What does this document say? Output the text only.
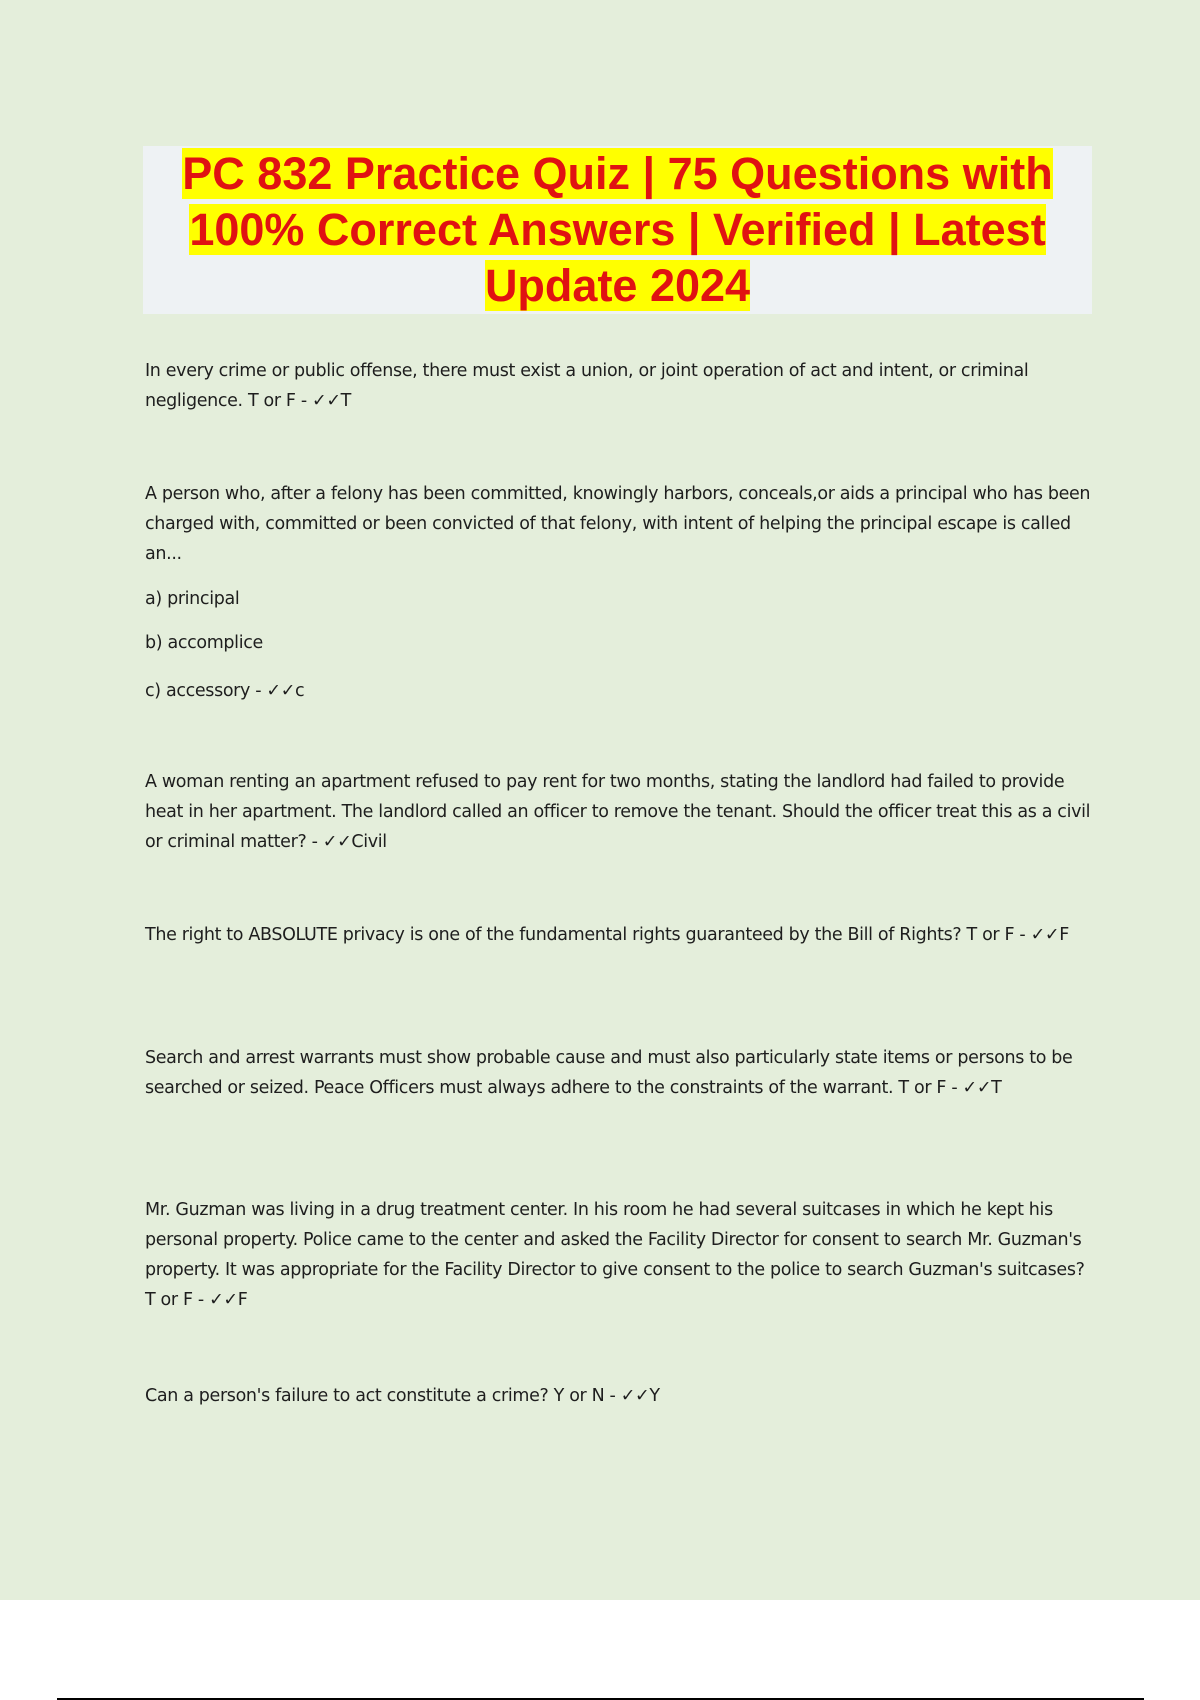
PC 832 Practice Quiz | 75 Questions with 100% Correct Answers | Verified | Latest Update 2024

In every crime or public offense, there must exist a union, or joint operation of act and intent, or criminal negligence. T or F - ✓✓T

A person who, after a felony has been committed, knowingly harbors, conceals,or aids a principal who has been charged with, committed or been convicted of that felony, with intent of helping the principal escape is called an...

a) principal

b) accomplice

c) accessory - ✓✓c

A woman renting an apartment refused to pay rent for two months, stating the landlord had failed to provide heat in her apartment. The landlord called an officer to remove the tenant. Should the officer treat this as a civil or criminal matter? - ✓✓Civil

The right to ABSOLUTE privacy is one of the fundamental rights guaranteed by the Bill of Rights? T or F - ✓✓F

Search and arrest warrants must show probable cause and must also particularly state items or persons to be searched or seized. Peace Officers must always adhere to the constraints of the warrant. T or F - ✓✓T

Mr. Guzman was living in a drug treatment center. In his room he had several suitcases in which he kept his personal property. Police came to the center and asked the Facility Director for consent to search Mr. Guzman's property. It was appropriate for the Facility Director to give consent to the police to search Guzman's suitcases? T or F - ✓✓F

Can a person's failure to act constitute a crime? Y or N - ✓✓Y
